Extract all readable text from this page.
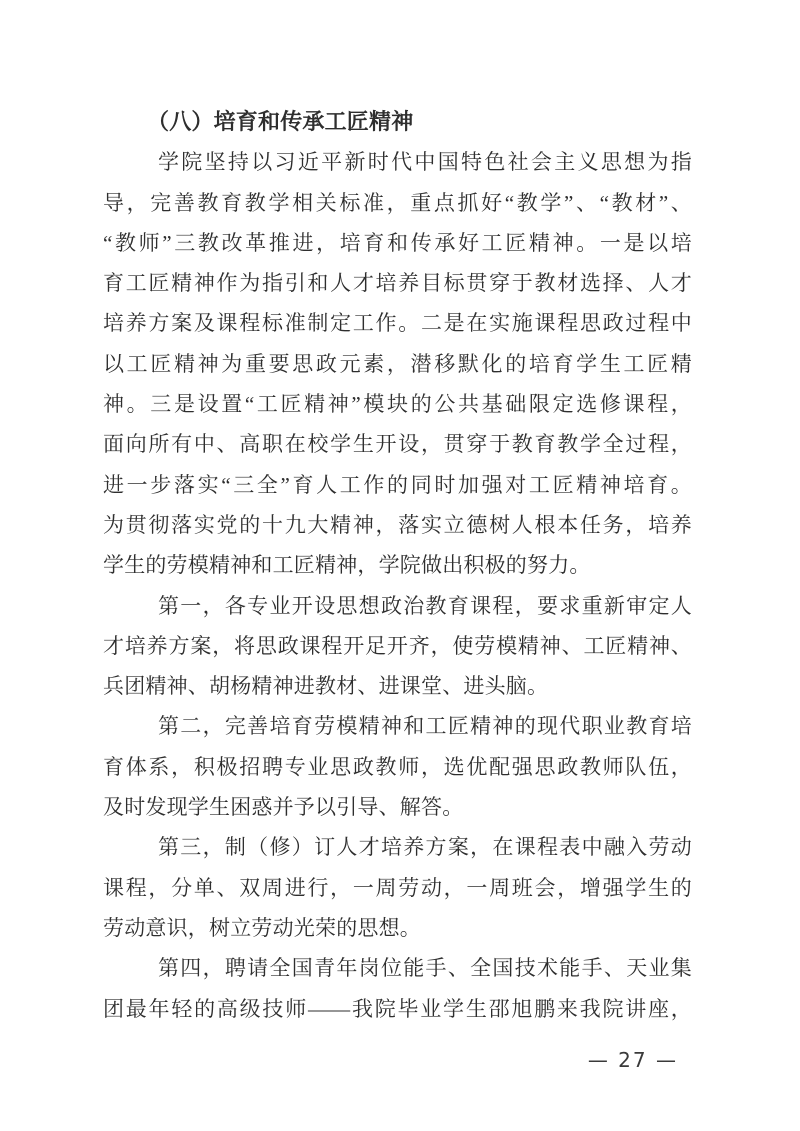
（八）培育和传承工匠精神
学院坚持以习近平新时代中国特色社会主义思想为指
导，完善教育教学相关标准，重点抓好“教学”、“教材”、
“教师”三教改革推进，培育和传承好工匠精神。一是以培
育工匠精神作为指引和人才培养目标贯穿于教材选择、人才
培养方案及课程标准制定工作。二是在实施课程思政过程中
以工匠精神为重要思政元素，潜移默化的培育学生工匠精
神。三是设置“工匠精神”模块的公共基础限定选修课程，
面向所有中、高职在校学生开设，贯穿于教育教学全过程，
进一步落实“三全”育人工作的同时加强对工匠精神培育。
为贯彻落实党的十九大精神，落实立德树人根本任务，培养
学生的劳模精神和工匠精神，学院做出积极的努力。
第一，各专业开设思想政治教育课程，要求重新审定人
才培养方案，将思政课程开足开齐，使劳模精神、工匠精神、
兵团精神、胡杨精神进教材、进课堂、进头脑。
第二，完善培育劳模精神和工匠精神的现代职业教育培
育体系，积极招聘专业思政教师，选优配强思政教师队伍，
及时发现学生困惑并予以引导、解答。
第三，制（修）订人才培养方案，在课程表中融入劳动
课程，分单、双周进行，一周劳动，一周班会，增强学生的
劳动意识，树立劳动光荣的思想。
第四，聘请全国青年岗位能手、全国技术能手、天业集
团最年轻的高级技师——我院毕业学生邵旭鹏来我院讲座，
— 27 —
